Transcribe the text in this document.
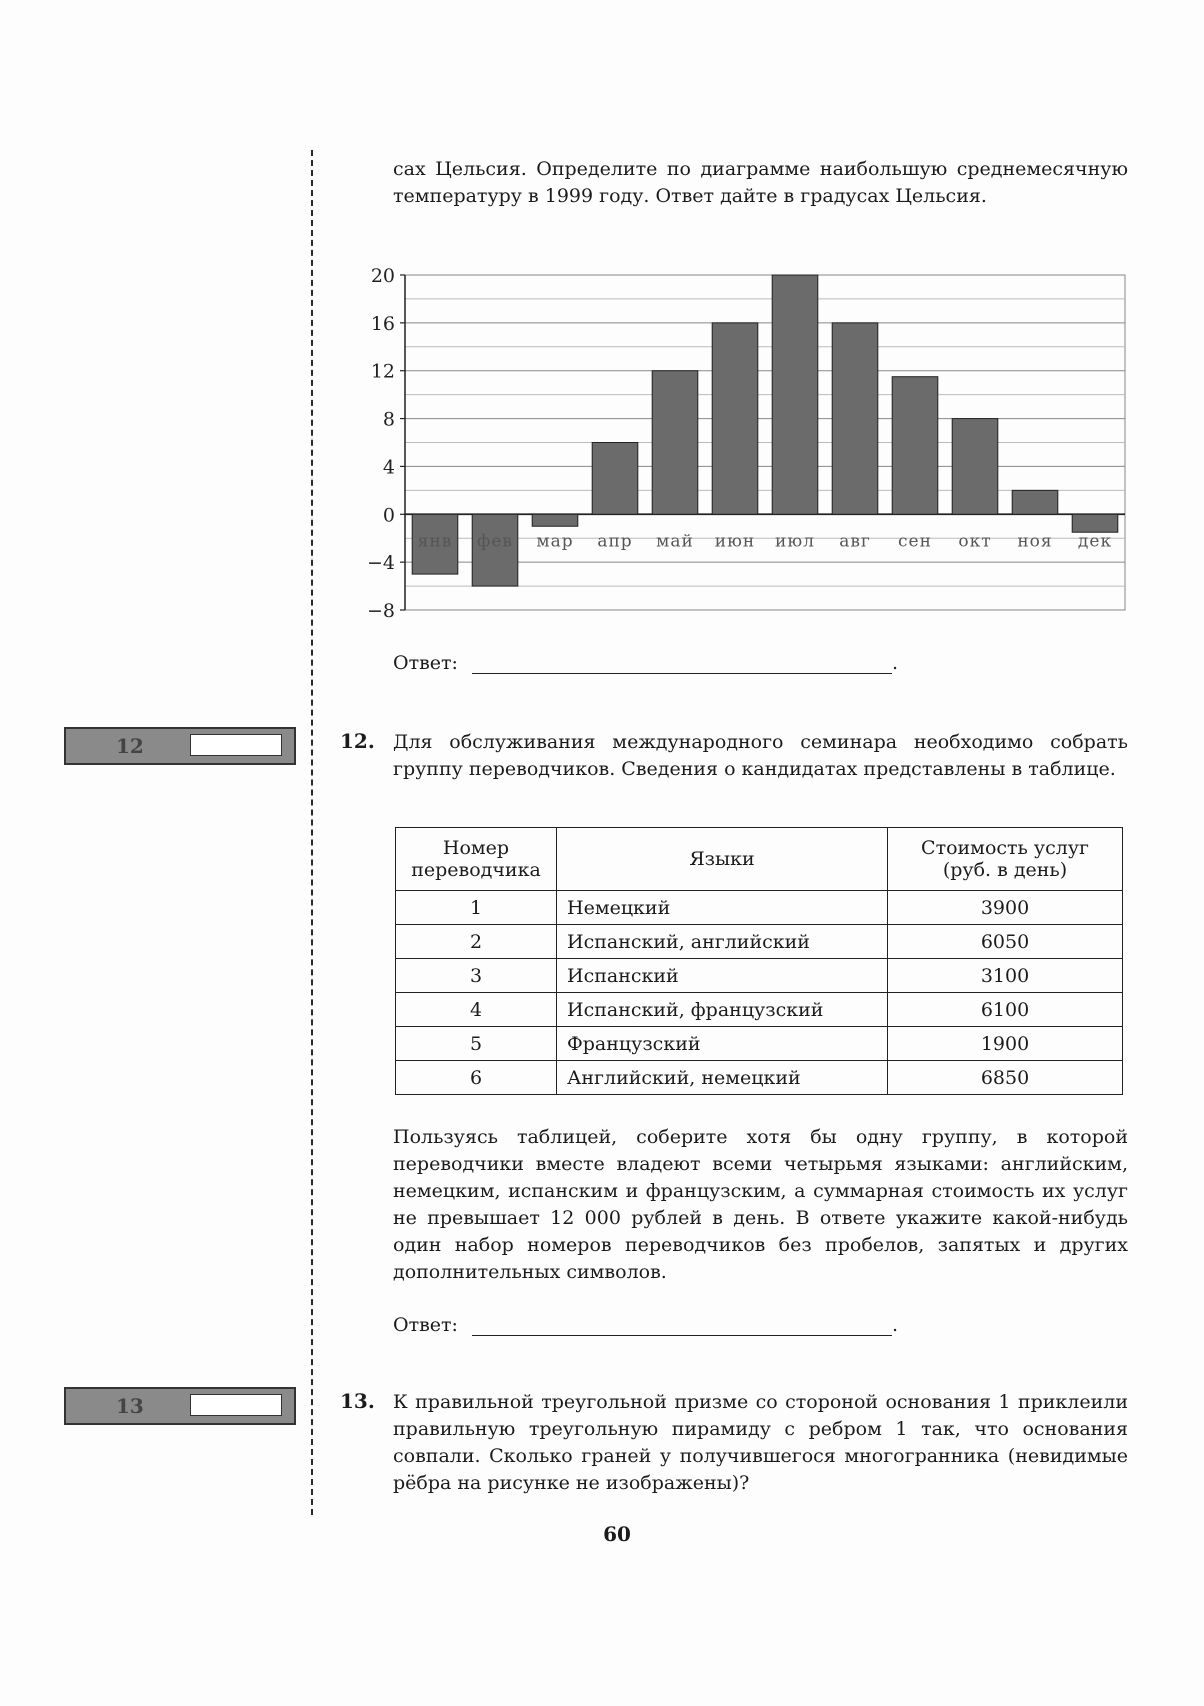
сах Цельсия. Определите по диаграмме наибольшую среднемесячную температуру в 1999 году. Ответ дайте в градусах Цельсия.
20
16
12
8
4
0
−4
−8
янв фев мар апр май июн июл авг сен окт ноя дек
Ответ:	.
12	12. Для обслуживания международного семинара необходимо собрать группу переводчиков. Сведения о кандидатах представлены в таблице.
Номер переводчика	Языки	Стоимость услуг (руб. в день)
1	Немецкий	3900
2	Испанский, английский	6050
3	Испанский	3100
4	Испанский, французский	6100
5	Французский	1900
6	Английский, немецкий	6850
Пользуясь таблицей, соберите хотя бы одну группу, в которой переводчики вместе владеют всеми четырьмя языками: английским, немецким, испанским и французским, а суммарная стоимость их услуг не превышает 12 000 рублей в день. В ответе укажите какой-нибудь один набор номеров переводчиков без пробелов, запятых и других дополнительных символов.
Ответ:	.
13	13. К правильной треугольной призме со стороной основания 1 приклеили правильную треугольную пирамиду с ребром 1 так, что основания совпали. Сколько граней у получившегося многогранника (невидимые рёбра на рисунке не изображены)?
60
